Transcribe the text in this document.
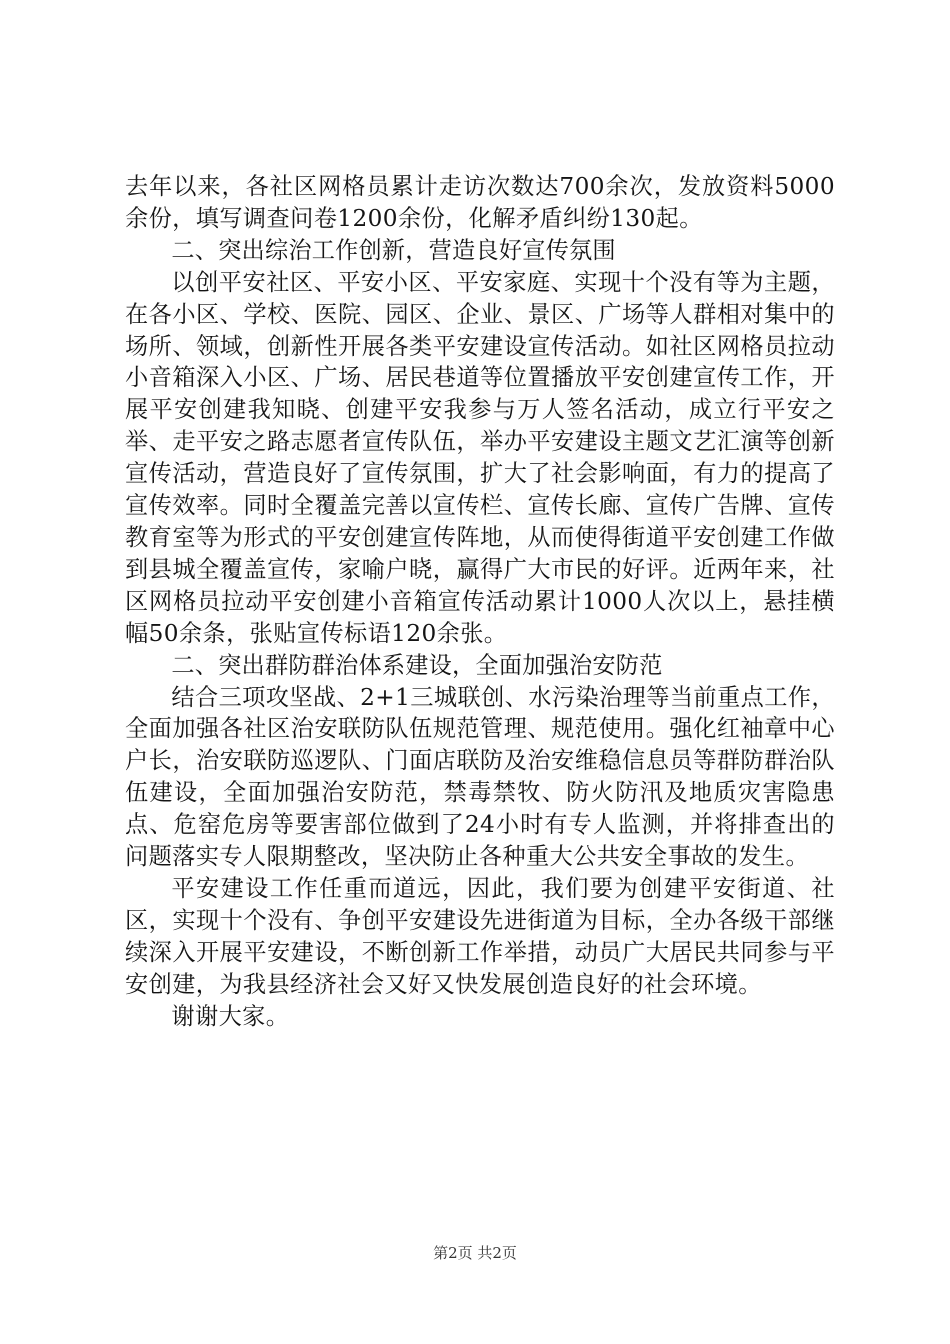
去年以来，各社区网格员累计走访次数达700余次，发放资料5000余份，填写调查问卷1200余份，化解矛盾纠纷130起。

二、突出综治工作创新，营造良好宣传氛围

以创平安社区、平安小区、平安家庭、实现十个没有等为主题，在各小区、学校、医院、园区、企业、景区、广场等人群相对集中的场所、领域，创新性开展各类平安建设宣传活动。如社区网格员拉动小音箱深入小区、广场、居民巷道等位置播放平安创建宣传工作，开展平安创建我知晓、创建平安我参与万人签名活动，成立行平安之举、走平安之路志愿者宣传队伍，举办平安建设主题文艺汇演等创新宣传活动，营造良好了宣传氛围，扩大了社会影响面，有力的提高了宣传效率。同时全覆盖完善以宣传栏、宣传长廊、宣传广告牌、宣传教育室等为形式的平安创建宣传阵地，从而使得街道平安创建工作做到县城全覆盖宣传，家喻户晓，赢得广大市民的好评。近两年来，社区网格员拉动平安创建小音箱宣传活动累计1000人次以上，悬挂横幅50余条，张贴宣传标语120余张。

二、突出群防群治体系建设，全面加强治安防范

结合三项攻坚战、2+1三城联创、水污染治理等当前重点工作，全面加强各社区治安联防队伍规范管理、规范使用。强化红袖章中心户长，治安联防巡逻队、门面店联防及治安维稳信息员等群防群治队伍建设，全面加强治安防范，禁毒禁牧、防火防汛及地质灾害隐患点、危窑危房等要害部位做到了24小时有专人监测，并将排查出的问题落实专人限期整改，坚决防止各种重大公共安全事故的发生。

平安建设工作任重而道远，因此，我们要为创建平安街道、社区，实现十个没有、争创平安建设先进街道为目标，全办各级干部继续深入开展平安建设，不断创新工作举措，动员广大居民共同参与平安创建，为我县经济社会又好又快发展创造良好的社会环境。

谢谢大家。

第2页 共2页
